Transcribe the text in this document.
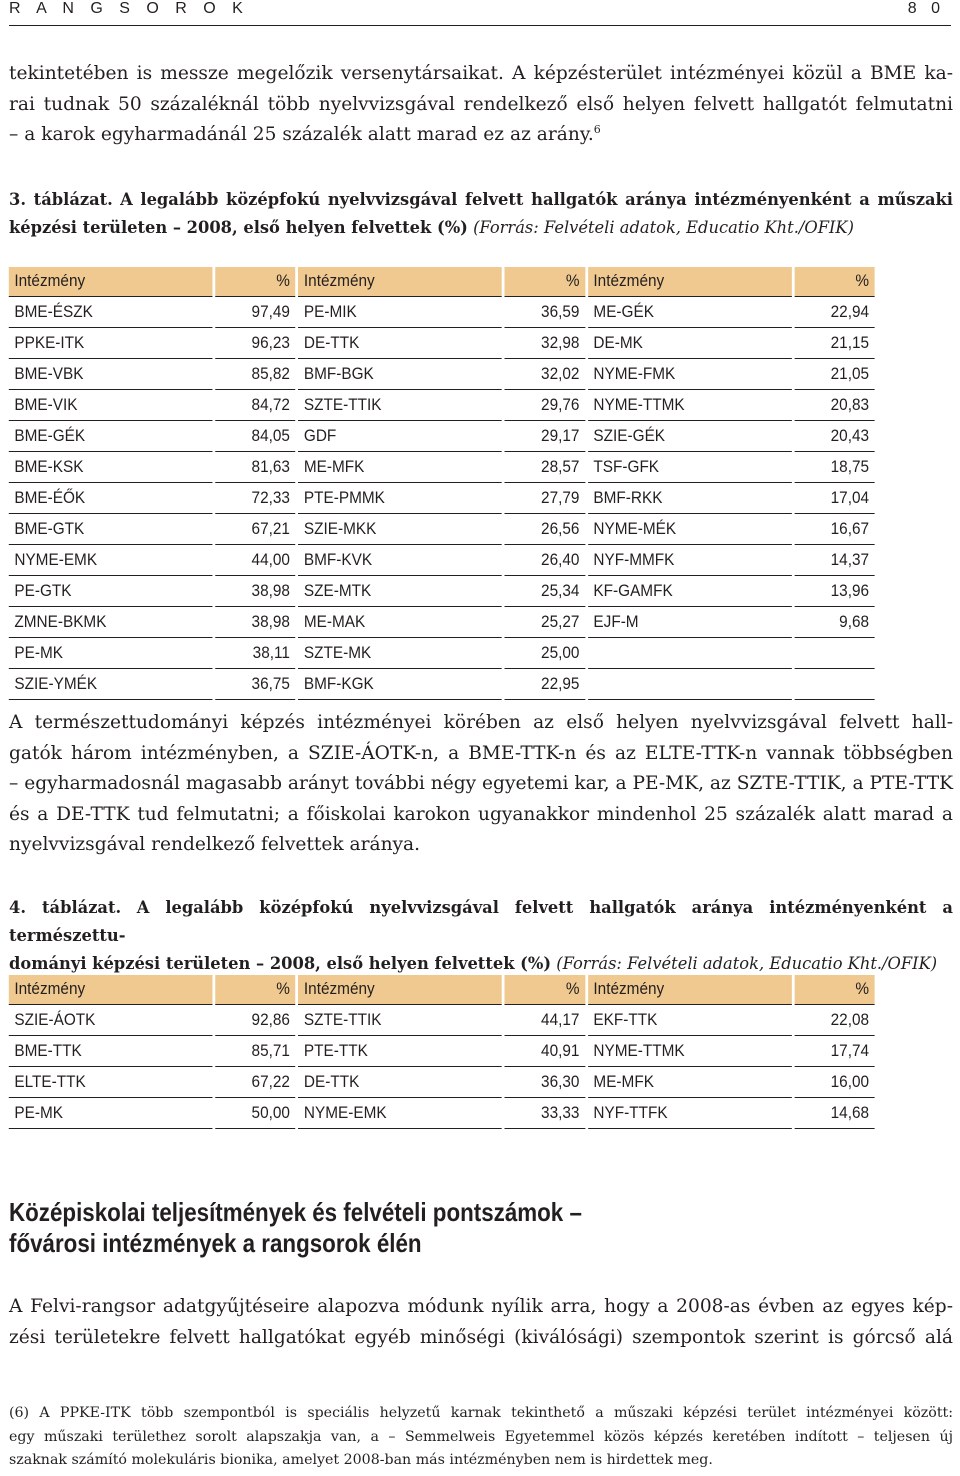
R A N G S O R O K	8 0
tekintetében is messze megelőzik versenytársaikat. A képzésterület intézményei közül a BME ka-
rai tudnak 50 százaléknál több nyelvvizsgával rendelkező első helyen felvett hallgatót felmutatni
– a karok egyharmadánál 25 százalék alatt marad ez az arány.$^6$
3. táblázat. A legalább középfokú nyelvvizsgával felvett hallgatók aránya intézményenként a műszaki
képzési területen – 2008, első helyen felvettek (%) (Forrás: Felvételi adatok, Educatio Kht./OFIK)
Intézmény	%	Intézmény	%	Intézmény	%
BME-ÉSZK	97,49	PE-MIK	36,59	ME-GÉK	22,94
PPKE-ITK	96,23	DE-TTK	32,98	DE-MK	21,15
BME-VBK	85,82	BMF-BGK	32,02	NYME-FMK	21,05
BME-VIK	84,72	SZTE-TTIK	29,76	NYME-TTMK	20,83
BME-GÉK	84,05	GDF	29,17	SZIE-GÉK	20,43
BME-KSK	81,63	ME-MFK	28,57	TSF-GFK	18,75
BME-ÉŐK	72,33	PTE-PMMK	27,79	BMF-RKK	17,04
BME-GTK	67,21	SZIE-MKK	26,56	NYME-MÉK	16,67
NYME-EMK	44,00	BMF-KVK	26,40	NYF-MMFK	14,37
PE-GTK	38,98	SZE-MTK	25,34	KF-GAMFK	13,96
ZMNE-BKMK	38,98	ME-MAK	25,27	EJF-M	9,68
PE-MK	38,11	SZTE-MK	25,00		
SZIE-YMÉK	36,75	BMF-KGK	22,95		
A természettudományi képzés intézményei körében az első helyen nyelvvizsgával felvett hall-
gatók három intézményben, a SZIE-ÁOTK-n, a BME-TTK-n és az ELTE-TTK-n vannak többségben
– egyharmadosnál magasabb arányt további négy egyetemi kar, a PE-MK, az SZTE-TTIK, a PTE-TTK
és a DE-TTK tud felmutatni; a főiskolai karokon ugyanakkor mindenhol 25 százalék alatt marad a
nyelvvizsgával rendelkező felvettek aránya.
4. táblázat. A legalább középfokú nyelvvizsgával felvett hallgatók aránya intézményenként a természettu-
dományi képzési területen – 2008, első helyen felvettek (%) (Forrás: Felvételi adatok, Educatio Kht./OFIK)
Intézmény	%	Intézmény	%	Intézmény	%
SZIE-ÁOTK	92,86	SZTE-TTIK	44,17	EKF-TTK	22,08
BME-TTK	85,71	PTE-TTK	40,91	NYME-TTMK	17,74
ELTE-TTK	67,22	DE-TTK	36,30	ME-MFK	16,00
PE-MK	50,00	NYME-EMK	33,33	NYF-TTFK	14,68
Középiskolai teljesítmények és felvételi pontszámok –
fővárosi intézmények a rangsorok élén
A Felvi-rangsor adatgyűjtéseire alapozva módunk nyílik arra, hogy a 2008-as évben az egyes kép-
zési területekre felvett hallgatókat egyéb minőségi (kiválósági) szempontok szerint is górcső alá
(6) A PPKE-ITK több szempontból is speciális helyzetű karnak tekinthető a műszaki képzési terület intézményei között:
egy műszaki területhez sorolt alapszakja van, a – Semmelweis Egyetemmel közös képzés keretében indított – teljesen új
szaknak számító molekuláris bionika, amelyet 2008-ban más intézményben nem is hirdettek meg.
